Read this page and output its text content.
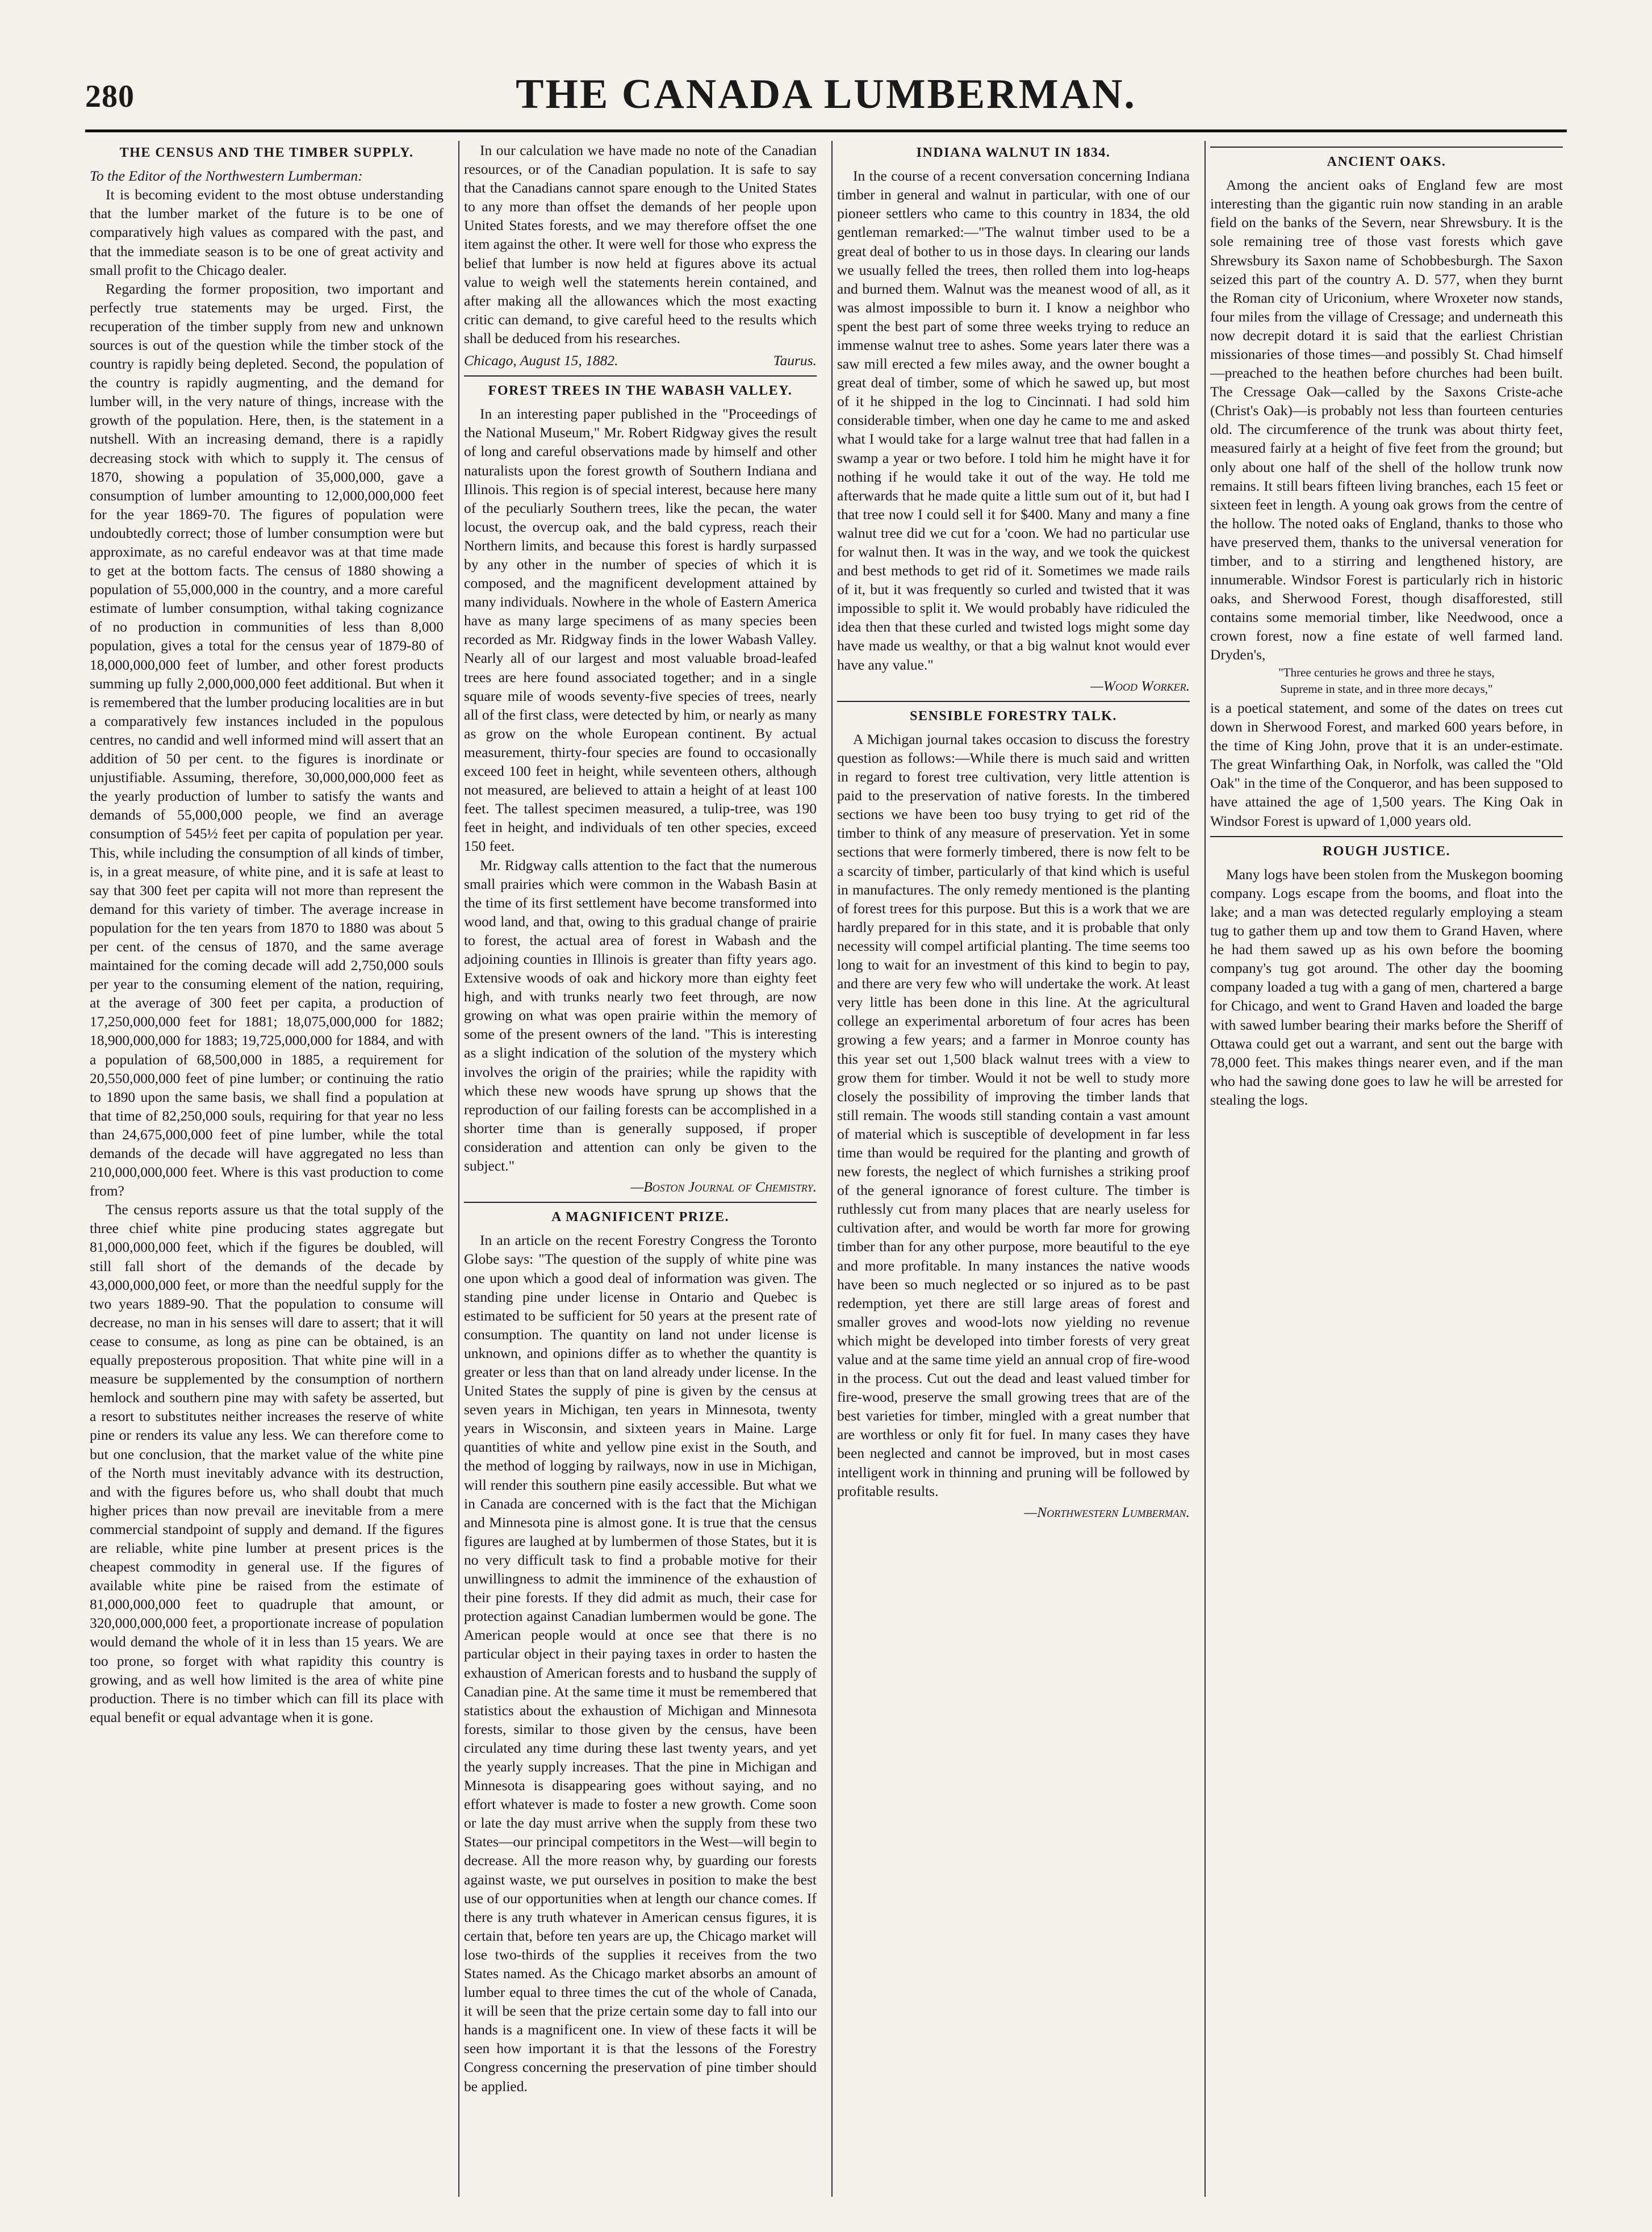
280	THE CANADA LUMBERMAN.
THE CENSUS AND THE TIMBER SUPPLY.

To the Editor of the Northwestern Lumberman:

It is becoming evident to the most obtuse understanding that the lumber market of the future is to be one of comparatively high values as compared with the past, and that the immediate season is to be one of great activity and small profit to the Chicago dealer.

Regarding the former proposition, two important and perfectly true statements may be urged. First, the recuperation of the timber supply from new and unknown sources is out of the question while the timber stock of the country is rapidly being depleted. Second, the population of the country is rapidly augmenting, and the demand for lumber will, in the very nature of things, increase with the growth of the population. Here, then, is the statement in a nutshell. With an increasing demand, there is a rapidly decreasing stock with which to supply it. The census of 1870, showing a population of 35,000,000, gave a consumption of lumber amounting to 12,000,000,000 feet for the year 1869-70. The figures of population were undoubtedly correct; those of lumber consumption were but approximate, as no careful endeavor was at that time made to get at the bottom facts. The census of 1880 showing a population of 55,000,000 in the country, and a more careful estimate of lumber consumption, withal taking cognizance of no production in communities of less than 8,000 population, gives a total for the census year of 1879-80 of 18,000,000,000 feet of lumber, and other forest products summing up fully 2,000,000,000 feet additional. But when it is remembered that the lumber producing localities are in but a comparatively few instances included in the populous centres, no candid and well informed mind will assert that an addition of 50 per cent. to the figures is inordinate or unjustifiable. Assuming, therefore, 30,000,000,000 feet as the yearly production of lumber to satisfy the wants and demands of 55,000,000 people, we find an average consumption of 545½ feet per capita of population per year. This, while including the consumption of all kinds of timber, is, in a great measure, of white pine, and it is safe at least to say that 300 feet per capita will not more than represent the demand for this variety of timber. The average increase in population for the ten years from 1870 to 1880 was about 5 per cent. of the census of 1870, and the same average maintained for the coming decade will add 2,750,000 souls per year to the consuming element of the nation, requiring, at the average of 300 feet per capita, a production of 17,250,000,000 feet for 1881; 18,075,000,000 for 1882; 18,900,000,000 for 1883; 19,725,000,000 for 1884, and with a population of 68,500,000 in 1885, a requirement for 20,550,000,000 feet of pine lumber; or continuing the ratio to 1890 upon the same basis, we shall find a population at that time of 82,250,000 souls, requiring for that year no less than 24,675,000,000 feet of pine lumber, while the total demands of the decade will have aggregated no less than 210,000,000,000 feet. Where is this vast production to come from?

The census reports assure us that the total supply of the three chief white pine producing states aggregate but 81,000,000,000 feet, which if the figures be doubled, will still fall short of the demands of the decade by 43,000,000,000 feet, or more than the needful supply for the two years 1889-90. That the population to consume will decrease, no man in his senses will dare to assert; that it will cease to consume, as long as pine can be obtained, is an equally preposterous proposition. That white pine will in a measure be supplemented by the consumption of northern hemlock and southern pine may with safety be asserted, but a resort to substitutes neither increases the reserve of white pine or renders its value any less. We can therefore come to but one conclusion, that the market value of the white pine of the North must inevitably advance with its destruction, and with the figures before us, who shall doubt that much higher prices than now prevail are inevitable from a mere commercial standpoint of supply and demand. If the figures are reliable, white pine lumber at present prices is the cheapest commodity in general use. If the figures of available white pine be raised from the estimate of 81,000,000,000 feet to quadruple that amount, or 320,000,000,000 feet, a proportionate increase of population would demand the whole of it in less than 15 years. We are too prone, so forget with what rapidity this country is growing, and as well how limited is the area of white pine production. There is no timber which can fill its place with equal benefit or equal advantage when it is gone.

In our calculation we have made no note of the Canadian resources, or of the Canadian population. It is safe to say that the Canadians cannot spare enough to the United States to any more than offset the demands of her people upon United States forests, and we may therefore offset the one item against the other. It were well for those who express the belief that lumber is now held at figures above its actual value to weigh well the statements herein contained, and after making all the allowances which the most exacting critic can demand, to give careful heed to the results which shall be deduced from his researches.

Chicago, August 15, 1882.	Taurus.
FOREST TREES IN THE WABASH VALLEY.

In an interesting paper published in the "Proceedings of the National Museum," Mr. Robert Ridgway gives the result of long and careful observations made by himself and other naturalists upon the forest growth of Southern Indiana and Illinois. This region is of special interest, because here many of the peculiarly Southern trees, like the pecan, the water locust, the overcup oak, and the bald cypress, reach their Northern limits, and because this forest is hardly surpassed by any other in the number of species of which it is composed, and the magnificent development attained by many individuals. Nowhere in the whole of Eastern America have as many large specimens of as many species been recorded as Mr. Ridgway finds in the lower Wabash Valley. Nearly all of our largest and most valuable broad-leafed trees are here found associated together; and in a single square mile of woods seventy-five species of trees, nearly all of the first class, were detected by him, or nearly as many as grow on the whole European continent. By actual measurement, thirty-four species are found to occasionally exceed 100 feet in height, while seventeen others, although not measured, are believed to attain a height of at least 100 feet. The tallest specimen measured, a tulip-tree, was 190 feet in height, and individuals of ten other species, exceed 150 feet.

Mr. Ridgway calls attention to the fact that the numerous small prairies which were common in the Wabash Basin at the time of its first settlement have become transformed into wood land, and that, owing to this gradual change of prairie to forest, the actual area of forest in Wabash and the adjoining counties in Illinois is greater than fifty years ago. Extensive woods of oak and hickory more than eighty feet high, and with trunks nearly two feet through, are now growing on what was open prairie within the memory of some of the present owners of the land. "This is interesting as a slight indication of the solution of the mystery which involves the origin of the prairies; while the rapidity with which these new woods have sprung up shows that the reproduction of our failing forests can be accomplished in a shorter time than is generally supposed, if proper consideration and attention can only be given to the subject."

—Boston Journal of Chemistry.
A MAGNIFICENT PRIZE.

In an article on the recent Forestry Congress the Toronto Globe says: "The question of the supply of white pine was one upon which a good deal of information was given. The standing pine under license in Ontario and Quebec is estimated to be sufficient for 50 years at the present rate of consumption. The quantity on land not under license is unknown, and opinions differ as to whether the quantity is greater or less than that on land already under license. In the United States the supply of pine is given by the census at seven years in Michigan, ten years in Minnesota, twenty years in Wisconsin, and sixteen years in Maine. Large quantities of white and yellow pine exist in the South, and the method of logging by railways, now in use in Michigan, will render this southern pine easily accessible. But what we in Canada are concerned with is the fact that the Michigan and Minnesota pine is almost gone. It is true that the census figures are laughed at by lumbermen of those States, but it is no very difficult task to find a probable motive for their unwillingness to admit the imminence of the exhaustion of their pine forests. If they did admit as much, their case for protection against Canadian lumbermen would be gone. The American people would at once see that there is no particular object in their paying taxes in order to hasten the exhaustion of American forests and to husband the supply of Canadian pine. At the same time it must be remembered that statistics about the exhaustion of Michigan and Minnesota forests, similar to those given by the census, have been circulated any time during these last twenty years, and yet the yearly supply increases. That the pine in Michigan and Minnesota is disappearing goes without saying, and no effort whatever is made to foster a new growth. Come soon or late the day must arrive when the supply from these two States—our principal competitors in the West—will begin to decrease. All the more reason why, by guarding our forests against waste, we put ourselves in position to make the best use of our opportunities when at length our chance comes. If there is any truth whatever in American census figures, it is certain that, before ten years are up, the Chicago market will lose two-thirds of the supplies it receives from the two States named. As the Chicago market absorbs an amount of lumber equal to three times the cut of the whole of Canada, it will be seen that the prize certain some day to fall into our hands is a magnificent one. In view of these facts it will be seen how important it is that the lessons of the Forestry Congress concerning the preservation of pine timber should be applied.

INDIANA WALNUT IN 1834.

In the course of a recent conversation concerning Indiana timber in general and walnut in particular, with one of our pioneer settlers who came to this country in 1834, the old gentleman remarked:—"The walnut timber used to be a great deal of bother to us in those days. In clearing our lands we usually felled the trees, then rolled them into log-heaps and burned them. Walnut was the meanest wood of all, as it was almost impossible to burn it. I know a neighbor who spent the best part of some three weeks trying to reduce an immense walnut tree to ashes. Some years later there was a saw mill erected a few miles away, and the owner bought a great deal of timber, some of which he sawed up, but most of it he shipped in the log to Cincinnati. I had sold him considerable timber, when one day he came to me and asked what I would take for a large walnut tree that had fallen in a swamp a year or two before. I told him he might have it for nothing if he would take it out of the way. He told me afterwards that he made quite a little sum out of it, but had I that tree now I could sell it for $400. Many and many a fine walnut tree did we cut for a 'coon. We had no particular use for walnut then. It was in the way, and we took the quickest and best methods to get rid of it. Sometimes we made rails of it, but it was frequently so curled and twisted that it was impossible to split it. We would probably have ridiculed the idea then that these curled and twisted logs might some day have made us wealthy, or that a big walnut knot would ever have any value."

—Wood Worker.
SENSIBLE FORESTRY TALK.

A Michigan journal takes occasion to discuss the forestry question as follows:—While there is much said and written in regard to forest tree cultivation, very little attention is paid to the preservation of native forests. In the timbered sections we have been too busy trying to get rid of the timber to think of any measure of preservation. Yet in some sections that were formerly timbered, there is now felt to be a scarcity of timber, particularly of that kind which is useful in manufactures. The only remedy mentioned is the planting of forest trees for this purpose. But this is a work that we are hardly prepared for in this state, and it is probable that only necessity will compel artificial planting. The time seems too long to wait for an investment of this kind to begin to pay, and there are very few who will undertake the work. At least very little has been done in this line. At the agricultural college an experimental arboretum of four acres has been growing a few years; and a farmer in Monroe county has this year set out 1,500 black walnut trees with a view to grow them for timber. Would it not be well to study more closely the possibility of improving the timber lands that still remain. The woods still standing contain a vast amount of material which is susceptible of development in far less time than would be required for the planting and growth of new forests, the neglect of which furnishes a striking proof of the general ignorance of forest culture. The timber is ruthlessly cut from many places that are nearly useless for cultivation after, and would be worth far more for growing timber than for any other purpose, more beautiful to the eye and more profitable. In many instances the native woods have been so much neglected or so injured as to be past redemption, yet there are still large areas of forest and smaller groves and wood-lots now yielding no revenue which might be developed into timber forests of very great value and at the same time yield an annual crop of fire-wood in the process. Cut out the dead and least valued timber for fire-wood, preserve the small growing trees that are of the best varieties for timber, mingled with a great number that are worthless or only fit for fuel. In many cases they have been neglected and cannot be improved, but in most cases intelligent work in thinning and pruning will be followed by profitable results.

—Northwestern Lumberman.
ANCIENT OAKS.

Among the ancient oaks of England few are most interesting than the gigantic ruin now standing in an arable field on the banks of the Severn, near Shrewsbury. It is the sole remaining tree of those vast forests which gave Shrewsbury its Saxon name of Schobbesburgh. The Saxon seized this part of the country A. D. 577, when they burnt the Roman city of Uriconium, where Wroxeter now stands, four miles from the village of Cressage; and underneath this now decrepit dotard it is said that the earliest Christian missionaries of those times—and possibly St. Chad himself—preached to the heathen before churches had been built. The Cressage Oak—called by the Saxons Criste-ache (Christ's Oak)—is probably not less than fourteen centuries old. The circumference of the trunk was about thirty feet, measured fairly at a height of five feet from the ground; but only about one half of the shell of the hollow trunk now remains. It still bears fifteen living branches, each 15 feet or sixteen feet in length. A young oak grows from the centre of the hollow. The noted oaks of England, thanks to those who have preserved them, thanks to the universal veneration for timber, and to a stirring and lengthened history, are innumerable. Windsor Forest is particularly rich in historic oaks, and Sherwood Forest, though disafforested, still contains some memorial timber, like Needwood, once a crown forest, now a fine estate of well farmed land. Dryden's,

"Three centuries he grows and three he stays,
Supreme in state, and in three more decays,"

is a poetical statement, and some of the dates on trees cut down in Sherwood Forest, and marked 600 years before, in the time of King John, prove that it is an under-estimate. The great Winfarthing Oak, in Norfolk, was called the "Old Oak" in the time of the Conqueror, and has been supposed to have attained the age of 1,500 years. The King Oak in Windsor Forest is upward of 1,000 years old.

ROUGH JUSTICE.

Many logs have been stolen from the Muskegon booming company. Logs escape from the booms, and float into the lake; and a man was detected regularly employing a steam tug to gather them up and tow them to Grand Haven, where he had them sawed up as his own before the booming company's tug got around. The other day the booming company loaded a tug with a gang of men, chartered a barge for Chicago, and went to Grand Haven and loaded the barge with sawed lumber bearing their marks before the Sheriff of Ottawa could get out a warrant, and sent out the barge with 78,000 feet. This makes things nearer even, and if the man who had the sawing done goes to law he will be arrested for stealing the logs.
